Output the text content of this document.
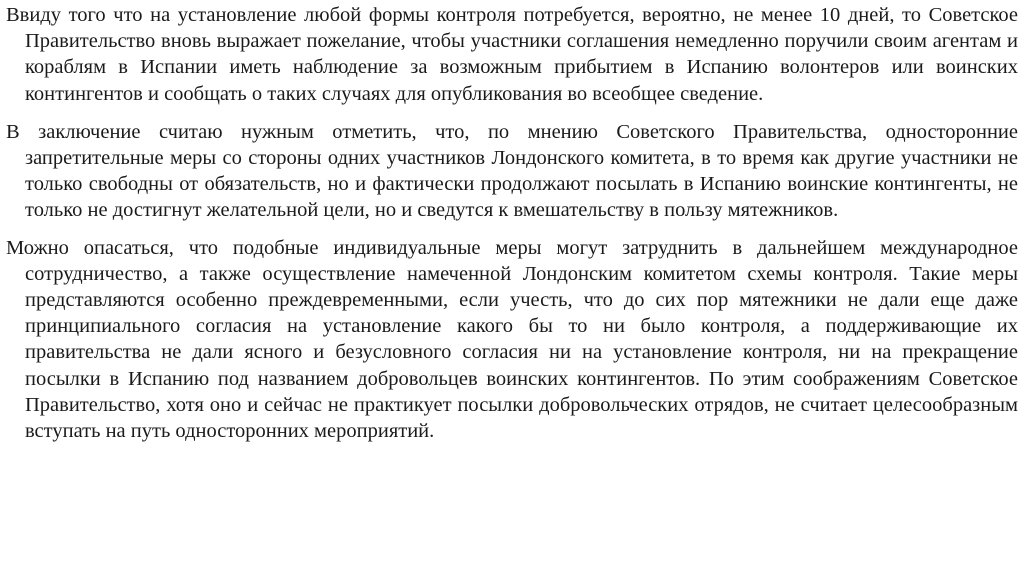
Ввиду того что на установление любой формы контроля потребуется, вероятно, не менее 10 дней, то Советское Правительство вновь выражает пожелание, чтобы участники соглашения немедленно поручили своим агентам и кораблям в Испании иметь наблюдение за возможным прибытием в Испанию волонтеров или воинских контингентов и сообщать о таких случаях для опубликования во всеобщее сведение.

В заключение считаю нужным отметить, что, по мнению Советского Правительства, односторонние запретительные меры со стороны одних участников Лондонского комитета, в то время как другие участники не только свободны от обязательств, но и фактически продолжают посылать в Испанию воинские контингенты, не только не достигнут желательной цели, но и сведутся к вмешательству в пользу мятежников.

Можно опасаться, что подобные индивидуальные меры могут затруднить в дальнейшем международное сотрудничество, а также осуществление намеченной Лондонским комитетом схемы контроля. Такие меры представляются особенно преждевременными, если учесть, что до сих пор мятежники не дали еще даже принципиального согласия на установление какого бы то ни было контроля, а поддерживающие их правительства не дали ясного и безусловного согласия ни на установление контроля, ни на прекращение посылки в Испанию под названием добровольцев воинских контингентов. По этим соображениям Советское Правительство, хотя оно и сейчас не практикует посылки добровольческих отрядов, не считает целесообразным вступать на путь односторонних мероприятий.
